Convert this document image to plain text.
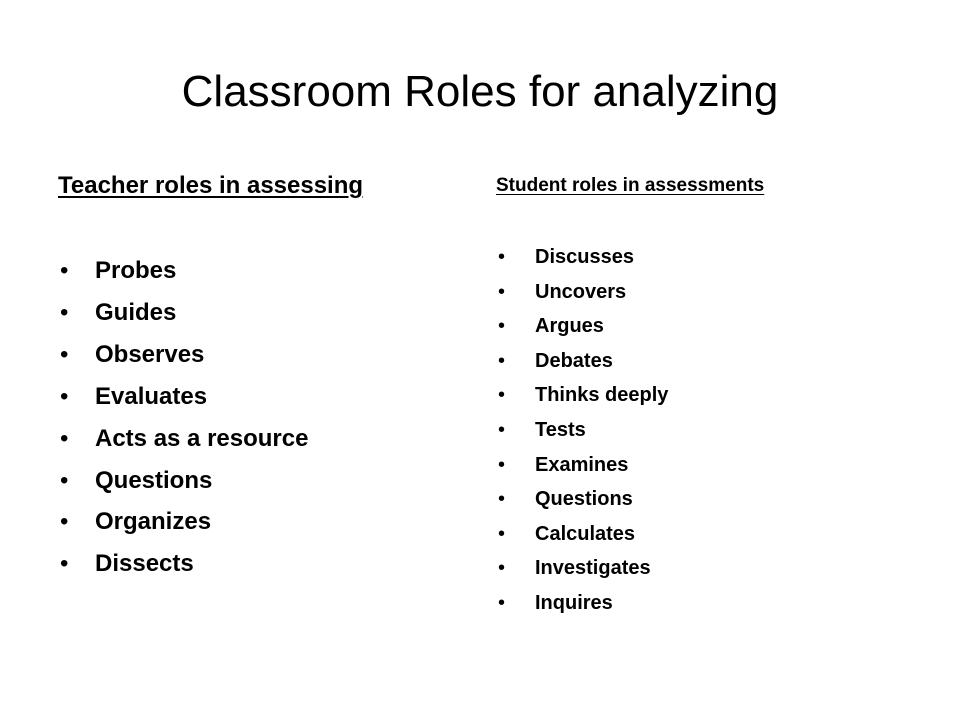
Classroom Roles for analyzing

Teacher roles in assessing

• Probes
• Guides
• Observes
• Evaluates
• Acts as a resource
• Questions
• Organizes
• Dissects

Student roles in assessments

• Discusses
• Uncovers
• Argues
• Debates
• Thinks deeply
• Tests
• Examines
• Questions
• Calculates
• Investigates
• Inquires
